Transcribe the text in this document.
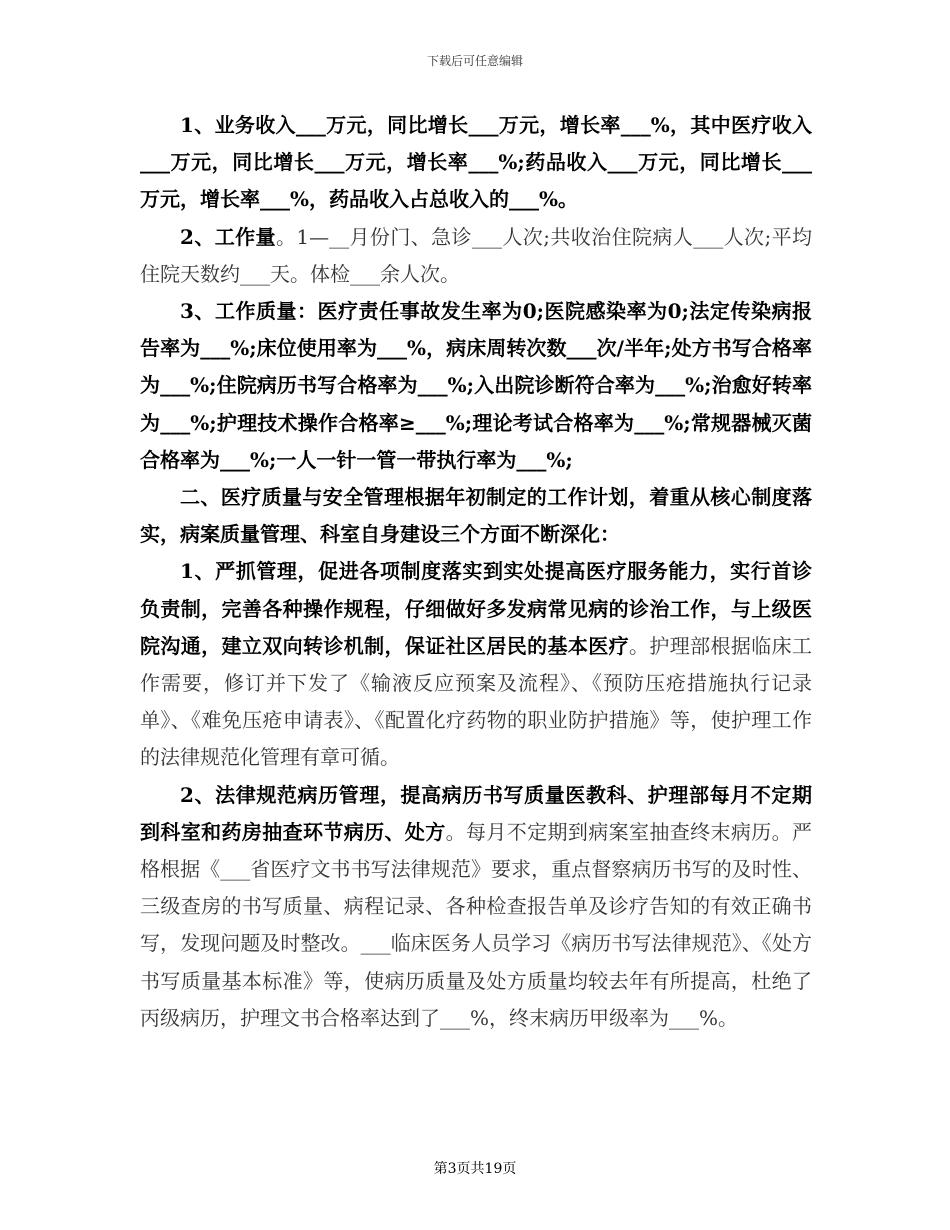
下载后可任意编辑

1、业务收入___万元，同比增长___万元，增长率___%，其中医疗收入___万元，同比增长___万元，增长率___%;药品收入___万元，同比增长___万元，增长率___%，药品收入占总收入的___%。

2、工作量。1—__月份门、急诊___人次;共收治住院病人___人次;平均住院天数约___天。体检___余人次。

3、工作质量：医疗责任事故发生率为0;医院感染率为0;法定传染病报告率为___%;床位使用率为___%，病床周转次数___次/半年;处方书写合格率为___%;住院病历书写合格率为___%;入出院诊断符合率为___%;治愈好转率为___%;护理技术操作合格率≥___%;理论考试合格率为___%;常规器械灭菌合格率为___%;一人一针一管一带执行率为___%;

二、医疗质量与安全管理根据年初制定的工作计划，着重从核心制度落实，病案质量管理、科室自身建设三个方面不断深化：

1、严抓管理，促进各项制度落实到实处提高医疗服务能力，实行首诊负责制，完善各种操作规程，仔细做好多发病常见病的诊治工作，与上级医院沟通，建立双向转诊机制，保证社区居民的基本医疗。护理部根据临床工作需要，修订并下发了《输液反应预案及流程》、《预防压疮措施执行记录单》、《难免压疮申请表》、《配置化疗药物的职业防护措施》等，使护理工作的法律规范化管理有章可循。

2、法律规范病历管理，提高病历书写质量医教科、护理部每月不定期到科室和药房抽查环节病历、处方。每月不定期到病案室抽查终末病历。严格根据《___省医疗文书书写法律规范》要求，重点督察病历书写的及时性、三级查房的书写质量、病程记录、各种检查报告单及诊疗告知的有效正确书写，发现问题及时整改。___临床医务人员学习《病历书写法律规范》、《处方书写质量基本标准》等，使病历质量及处方质量均较去年有所提高，杜绝了丙级病历，护理文书合格率达到了___%，终末病历甲级率为___%。

第3页共19页
